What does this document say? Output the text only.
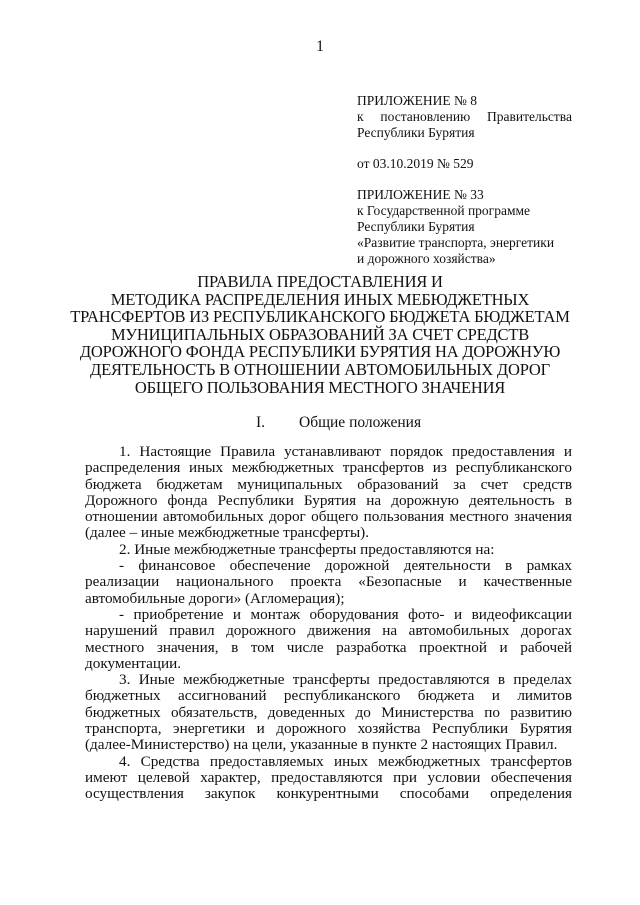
1
ПРИЛОЖЕНИЕ № 8
к постановлению Правительства
Республики Бурятия
от 03.10.2019 № 529
ПРИЛОЖЕНИЕ № 33
к Государственной программе
Республики Бурятия
«Развитие транспорта, энергетики
и дорожного хозяйства»
ПРАВИЛА ПРЕДОСТАВЛЕНИЯ И
МЕТОДИКА РАСПРЕДЕЛЕНИЯ ИНЫХ МЕБЮДЖЕТНЫХ
ТРАНСФЕРТОВ ИЗ РЕСПУБЛИКАНСКОГО БЮДЖЕТА БЮДЖЕТАМ
МУНИЦИПАЛЬНЫХ ОБРАЗОВАНИЙ ЗА СЧЕТ СРЕДСТВ
ДОРОЖНОГО ФОНДА РЕСПУБЛИКИ БУРЯТИЯ НА ДОРОЖНУЮ
ДЕЯТЕЛЬНОСТЬ В ОТНОШЕНИИ АВТОМОБИЛЬНЫХ ДОРОГ
ОБЩЕГО ПОЛЬЗОВАНИЯ МЕСТНОГО ЗНАЧЕНИЯ
I. Общие положения
1. Настоящие Правила устанавливают порядок предоставления и
распределения иных межбюджетных трансфертов из республиканского
бюджета бюджетам муниципальных образований за счет средств
Дорожного фонда Республики Бурятия на дорожную деятельность в
отношении автомобильных дорог общего пользования местного значения
(далее – иные межбюджетные трансферты).
2. Иные межбюджетные трансферты предоставляются на:
- финансовое обеспечение дорожной деятельности в рамках
реализации национального проекта «Безопасные и качественные
автомобильные дороги» (Агломерация);
- приобретение и монтаж оборудования фото- и видеофиксации
нарушений правил дорожного движения на автомобильных дорогах
местного значения, в том числе разработка проектной и рабочей
документации.
3. Иные межбюджетные трансферты предоставляются в пределах
бюджетных ассигнований республиканского бюджета и лимитов
бюджетных обязательств, доведенных до Министерства по развитию
транспорта, энергетики и дорожного хозяйства Республики Бурятия
(далее-Министерство) на цели, указанные в пункте 2 настоящих Правил.
4. Средства предоставляемых иных межбюджетных трансфертов
имеют целевой характер, предоставляются при условии обеспечения
осуществления закупок конкурентными способами определения
